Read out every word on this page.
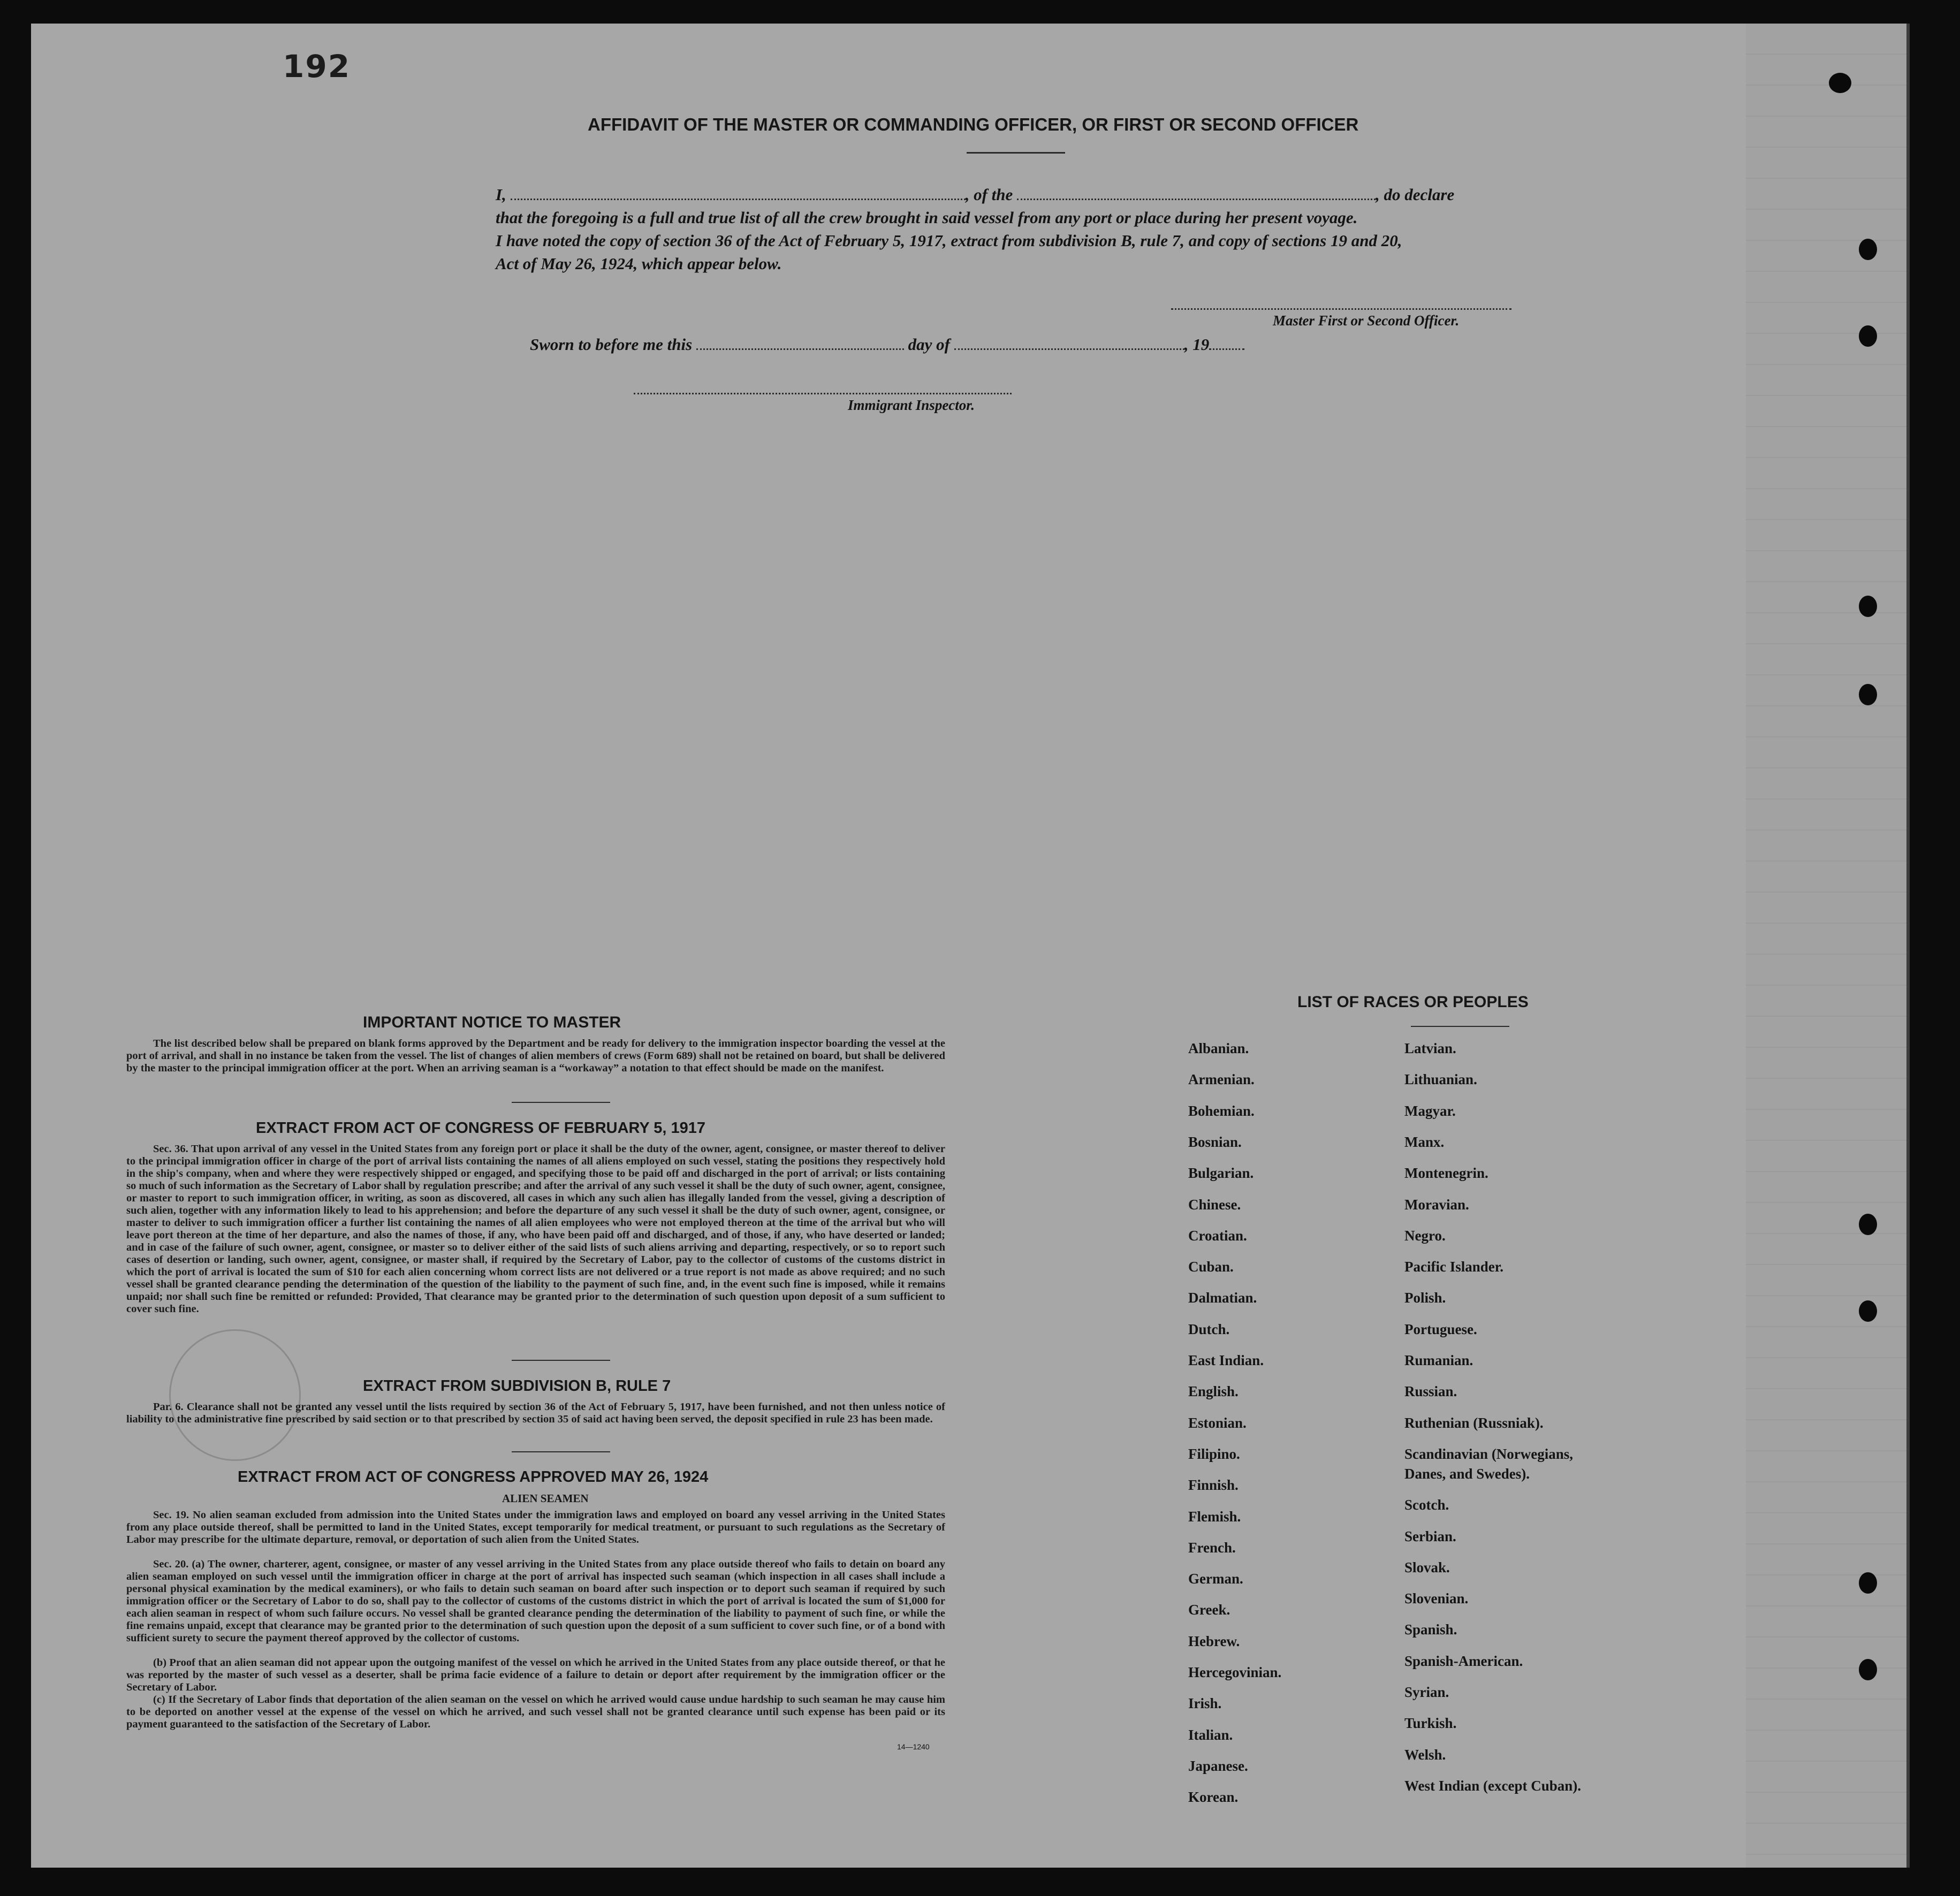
192
AFFIDAVIT OF THE MASTER OR COMMANDING OFFICER, OR FIRST OR SECOND OFFICER
I,	, of the	, do declare
that the foregoing is a full and true list of all the crew brought in said vessel from any port or place during her present voyage.
I have noted the copy of section 36 of the Act of February 5, 1917, extract from subdivision B, rule 7, and copy of sections 19 and 20,
Act of May 26, 1924, which appear below.
Master First or Second Officer.
Sworn to before me this	day of	, 19
Immigrant Inspector.
IMPORTANT NOTICE TO MASTER
The list described below shall be prepared on blank forms approved by the Department and be ready for delivery to the immigration inspector boarding the vessel at the port of arrival, and shall in no instance be taken from the vessel. The list of changes of alien members of crews (Form 689) shall not be retained on board, but shall be delivered by the master to the principal immigration officer at the port. When an arriving seaman is a “workaway” a notation to that effect should be made on the manifest.
EXTRACT FROM ACT OF CONGRESS OF FEBRUARY 5, 1917
Sec. 36. That upon arrival of any vessel in the United States from any foreign port or place it shall be the duty of the owner, agent, consignee, or master thereof to deliver to the principal immigration officer in charge of the port of arrival lists containing the names of all aliens employed on such vessel, stating the positions they respectively hold in the ship's company, when and where they were respectively shipped or engaged, and specifying those to be paid off and discharged in the port of arrival; or lists containing so much of such information as the Secretary of Labor shall by regulation prescribe; and after the arrival of any such vessel it shall be the duty of such owner, agent, consignee, or master to report to such immigration officer, in writing, as soon as discovered, all cases in which any such alien has illegally landed from the vessel, giving a description of such alien, together with any information likely to lead to his apprehension; and before the departure of any such vessel it shall be the duty of such owner, agent, consignee, or master to deliver to such immigration officer a further list containing the names of all alien employees who were not employed thereon at the time of the arrival but who will leave port thereon at the time of her departure, and also the names of those, if any, who have been paid off and discharged, and of those, if any, who have deserted or landed; and in case of the failure of such owner, agent, consignee, or master so to deliver either of the said lists of such aliens arriving and departing, respectively, or so to report such cases of desertion or landing, such owner, agent, consignee, or master shall, if required by the Secretary of Labor, pay to the collector of customs of the customs district in which the port of arrival is located the sum of $10 for each alien concerning whom correct lists are not delivered or a true report is not made as above required; and no such vessel shall be granted clearance pending the determination of the question of the liability to the payment of such fine, and, in the event such fine is imposed, while it remains unpaid; nor shall such fine be remitted or refunded: Provided, That clearance may be granted prior to the determination of such question upon deposit of a sum sufficient to cover such fine.
EXTRACT FROM SUBDIVISION B, RULE 7
Par. 6. Clearance shall not be granted any vessel until the lists required by section 36 of the Act of February 5, 1917, have been furnished, and not then unless notice of liability to the administrative fine prescribed by said section or to that prescribed by section 35 of said act having been served, the deposit specified in rule 23 has been made.
EXTRACT FROM ACT OF CONGRESS APPROVED MAY 26, 1924
ALIEN SEAMEN
Sec. 19. No alien seaman excluded from admission into the United States under the immigration laws and employed on board any vessel arriving in the United States from any place outside thereof, shall be permitted to land in the United States, except temporarily for medical treatment, or pursuant to such regulations as the Secretary of Labor may prescribe for the ultimate departure, removal, or deportation of such alien from the United States.
Sec. 20. (a) The owner, charterer, agent, consignee, or master of any vessel arriving in the United States from any place outside thereof who fails to detain on board any alien seaman employed on such vessel until the immigration officer in charge at the port of arrival has inspected such seaman (which inspection in all cases shall include a personal physical examination by the medical examiners), or who fails to detain such seaman on board after such inspection or to deport such seaman if required by such immigration officer or the Secretary of Labor to do so, shall pay to the collector of customs of the customs district in which the port of arrival is located the sum of $1,000 for each alien seaman in respect of whom such failure occurs. No vessel shall be granted clearance pending the determination of the liability to payment of such fine, or while the fine remains unpaid, except that clearance may be granted prior to the determination of such question upon the deposit of a sum sufficient to cover such fine, or of a bond with sufficient surety to secure the payment thereof approved by the collector of customs.
(b) Proof that an alien seaman did not appear upon the outgoing manifest of the vessel on which he arrived in the United States from any place outside thereof, or that he was reported by the master of such vessel as a deserter, shall be prima facie evidence of a failure to detain or deport after requirement by the immigration officer or the Secretary of Labor.
(c) If the Secretary of Labor finds that deportation of the alien seaman on the vessel on which he arrived would cause undue hardship to such seaman he may cause him to be deported on another vessel at the expense of the vessel on which he arrived, and such vessel shall not be granted clearance until such expense has been paid or its payment guaranteed to the satisfaction of the Secretary of Labor.
14—1240
LIST OF RACES OR PEOPLES
Albanian.
Armenian.
Bohemian.
Bosnian.
Bulgarian.
Chinese.
Croatian.
Cuban.
Dalmatian.
Dutch.
East Indian.
English.
Estonian.
Filipino.
Finnish.
Flemish.
French.
German.
Greek.
Hebrew.
Hercegovinian.
Irish.
Italian.
Japanese.
Korean.
Latvian.
Lithuanian.
Magyar.
Manx.
Montenegrin.
Moravian.
Negro.
Pacific Islander.
Polish.
Portuguese.
Rumanian.
Russian.
Ruthenian (Russniak).
Scandinavian (Norwegians,
Danes, and Swedes).
Scotch.
Serbian.
Slovak.
Slovenian.
Spanish.
Spanish-American.
Syrian.
Turkish.
Welsh.
West Indian (except Cuban).
